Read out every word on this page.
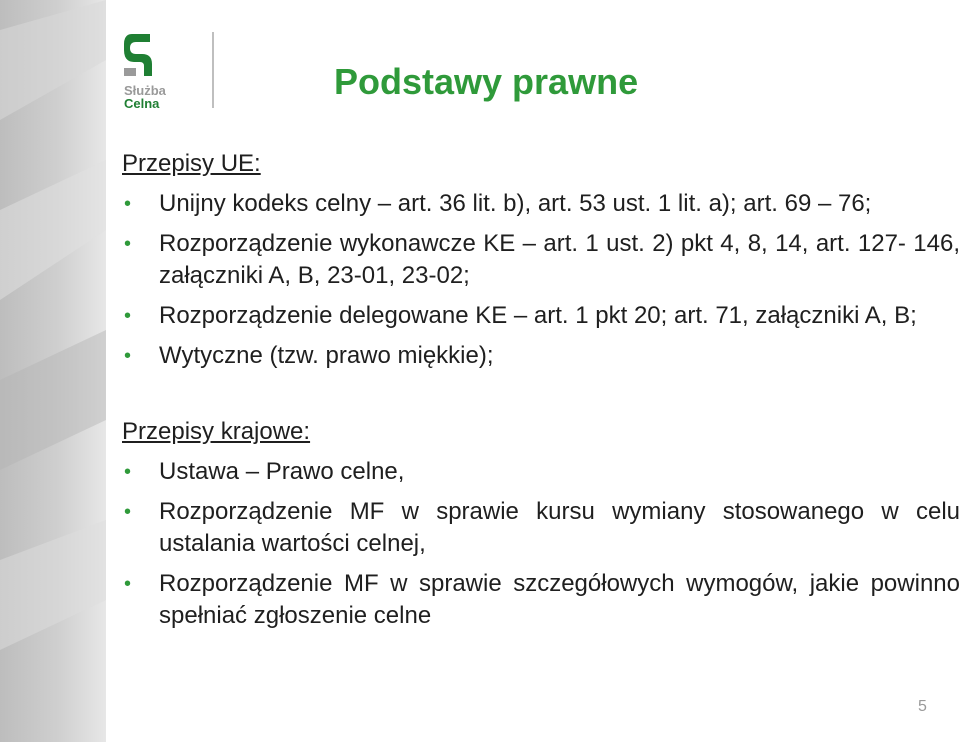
Służba
Celna
Podstawy prawne

Przepisy UE:

• Unijny kodeks celny – art. 36 lit. b), art. 53 ust. 1 lit. a); art. 69 – 76;
• Rozporządzenie wykonawcze KE – art. 1 ust. 2) pkt 4, 8, 14, art. 127- 146, załączniki A, B, 23-01, 23-02;
• Rozporządzenie delegowane KE – art. 1 pkt 20; art. 71, załączniki A, B;
• Wytyczne (tzw. prawo miękkie);

Przepisy krajowe:

• Ustawa – Prawo celne,
• Rozporządzenie MF w sprawie kursu wymiany stosowanego w celu ustalania wartości celnej,
• Rozporządzenie MF w sprawie szczegółowych wymogów, jakie powinno spełniać zgłoszenie celne
5
